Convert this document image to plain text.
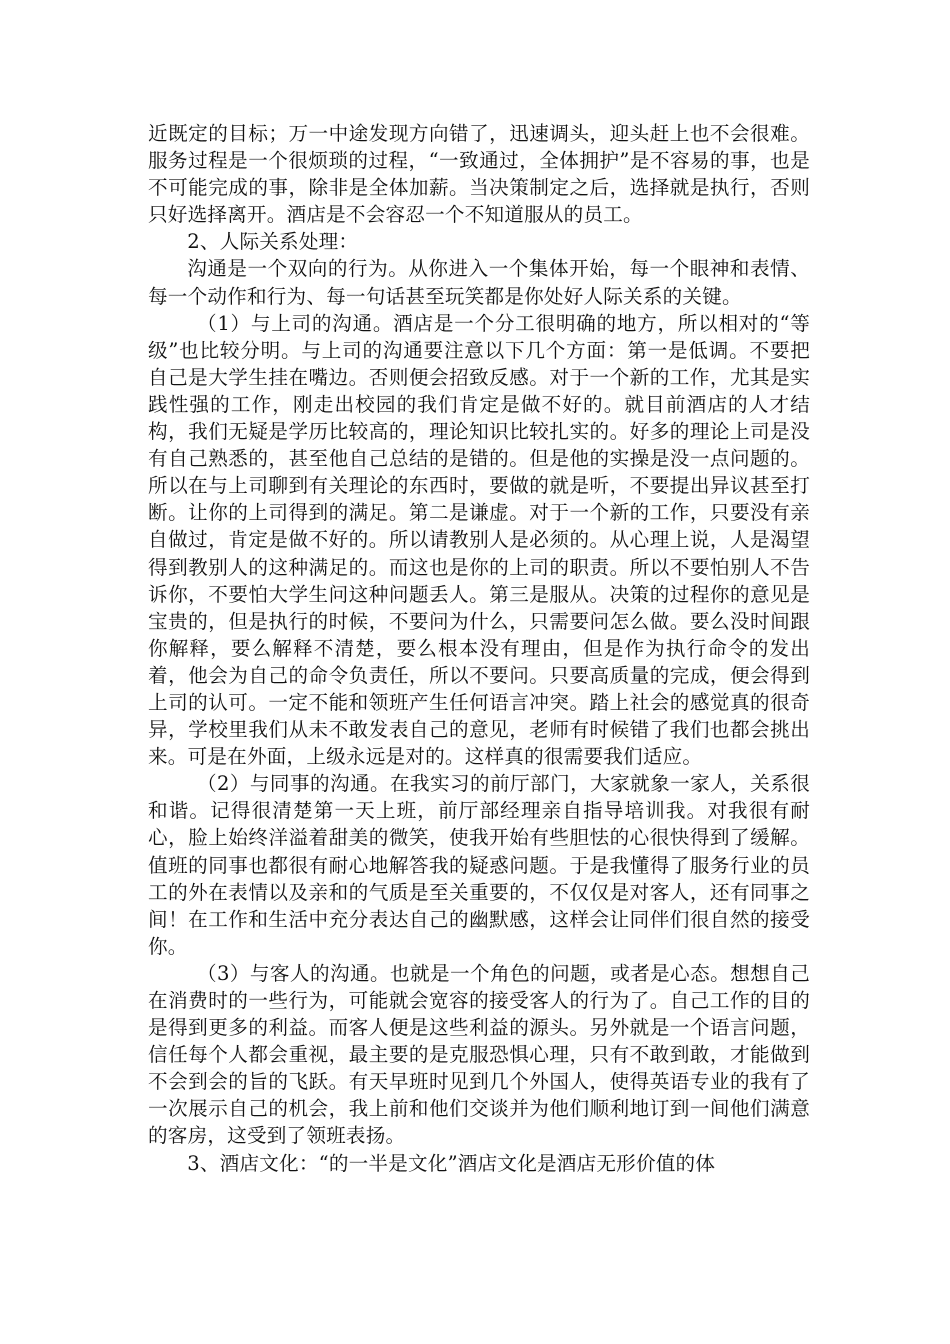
近既定的目标；万一中途发现方向错了，迅速调头，迎头赶上也不会很难。服务过程是一个很烦琐的过程，“一致通过，全体拥护”是不容易的事，也是不可能完成的事，除非是全体加薪。当决策制定之后，选择就是执行，否则只好选择离开。酒店是不会容忍一个不知道服从的员工。

2、人际关系处理：

沟通是一个双向的行为。从你进入一个集体开始，每一个眼神和表情、每一个动作和行为、每一句话甚至玩笑都是你处好人际关系的关键。

（1）与上司的沟通。酒店是一个分工很明确的地方，所以相对的“等级”也比较分明。与上司的沟通要注意以下几个方面：第一是低调。不要把自己是大学生挂在嘴边。否则便会招致反感。对于一个新的工作，尤其是实践性强的工作，刚走出校园的我们肯定是做不好的。就目前酒店的人才结构，我们无疑是学历比较高的，理论知识比较扎实的。好多的理论上司是没有自己熟悉的，甚至他自己总结的是错的。但是他的实操是没一点问题的。所以在与上司聊到有关理论的东西时，要做的就是听，不要提出异议甚至打断。让你的上司得到的满足。第二是谦虚。对于一个新的工作，只要没有亲自做过，肯定是做不好的。所以请教别人是必须的。从心理上说，人是渴望得到教别人的这种满足的。而这也是你的上司的职责。所以不要怕别人不告诉你，不要怕大学生问这种问题丢人。第三是服从。决策的过程你的意见是宝贵的，但是执行的时候，不要问为什么，只需要问怎么做。要么没时间跟你解释，要么解释不清楚，要么根本没有理由，但是作为执行命令的发出着，他会为自己的命令负责任，所以不要问。只要高质量的完成，便会得到上司的认可。一定不能和领班产生任何语言冲突。踏上社会的感觉真的很奇异，学校里我们从未不敢发表自己的意见，老师有时候错了我们也都会挑出来。可是在外面，上级永远是对的。这样真的很需要我们适应。

（2）与同事的沟通。在我实习的前厅部门，大家就象一家人，关系很和谐。记得很清楚第一天上班，前厅部经理亲自指导培训我。对我很有耐心，脸上始终洋溢着甜美的微笑，使我开始有些胆怯的心很快得到了缓解。值班的同事也都很有耐心地解答我的疑惑问题。于是我懂得了服务行业的员工的外在表情以及亲和的气质是至关重要的，不仅仅是对客人，还有同事之间！在工作和生活中充分表达自己的幽默感，这样会让同伴们很自然的接受你。

（3）与客人的沟通。也就是一个角色的问题，或者是心态。想想自己在消费时的一些行为，可能就会宽容的接受客人的行为了。自己工作的目的是得到更多的利益。而客人便是这些利益的源头。另外就是一个语言问题，信任每个人都会重视，最主要的是克服恐惧心理，只有不敢到敢，才能做到不会到会的旨的飞跃。有天早班时见到几个外国人，使得英语专业的我有了一次展示自己的机会，我上前和他们交谈并为他们顺利地订到一间他们满意的客房，这受到了领班表扬。

3、酒店文化：“的一半是文化”酒店文化是酒店无形价值的体
